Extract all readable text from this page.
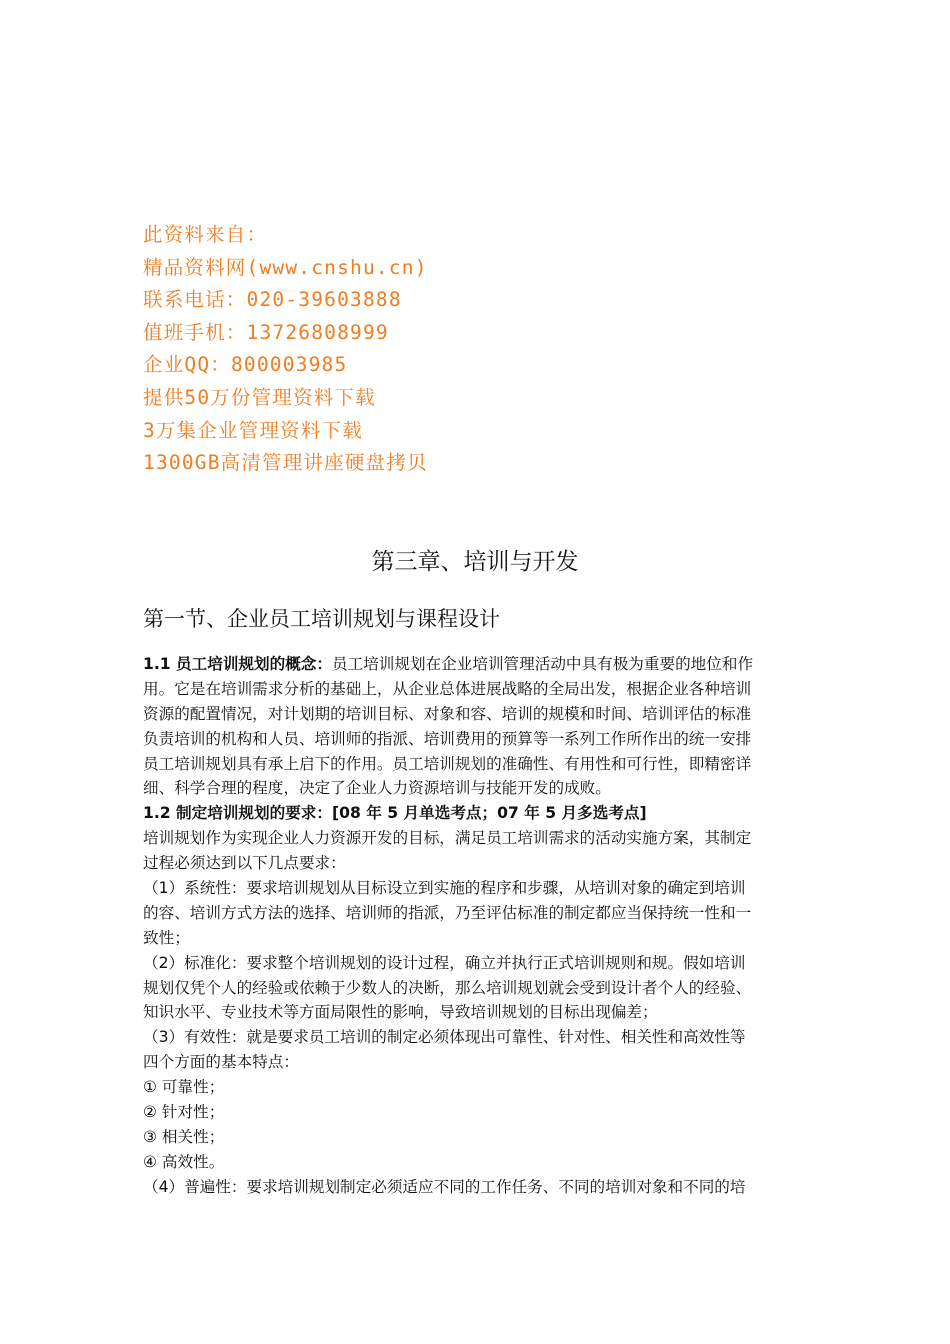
此资料来自：
精品资料网(www.cnshu.cn)
联系电话：020-39603888
值班手机：13726808999
企业QQ：800003985
提供50万份管理资料下载
3万集企业管理资料下载
1300GB高清管理讲座硬盘拷贝
第三章、培训与开发
第一节、企业员工培训规划与课程设计
1.1 员工培训规划的概念：员工培训规划在企业培训管理活动中具有极为重要的地位和作
用。它是在培训需求分析的基础上，从企业总体进展战略的全局出发，根据企业各种培训
资源的配置情况，对计划期的培训目标、对象和容、培训的规模和时间、培训评估的标准
负责培训的机构和人员、培训师的指派、培训费用的预算等一系列工作所作出的统一安排
员工培训规划具有承上启下的作用。员工培训规划的准确性、有用性和可行性，即精密详
细、科学合理的程度，决定了企业人力资源培训与技能开发的成败。
1.2 制定培训规划的要求：[08 年 5 月单选考点；07 年 5 月多选考点]
培训规划作为实现企业人力资源开发的目标，满足员工培训需求的活动实施方案，其制定
过程必须达到以下几点要求：
（1）系统性：要求培训规划从目标设立到实施的程序和步骤，从培训对象的确定到培训
的容、培训方式方法的选择、培训师的指派，乃至评估标准的制定都应当保持统一性和一
致性；
（2）标准化：要求整个培训规划的设计过程，确立并执行正式培训规则和规。假如培训
规划仅凭个人的经验或依赖于少数人的决断，那么培训规划就会受到设计者个人的经验、
知识水平、专业技术等方面局限性的影响，导致培训规划的目标出现偏差；
（3）有效性：就是要求员工培训的制定必须体现出可靠性、针对性、相关性和高效性等
四个方面的基本特点：
① 可靠性；
② 针对性；
③ 相关性；
④ 高效性。
（4）普遍性：要求培训规划制定必须适应不同的工作任务、不同的培训对象和不同的培
